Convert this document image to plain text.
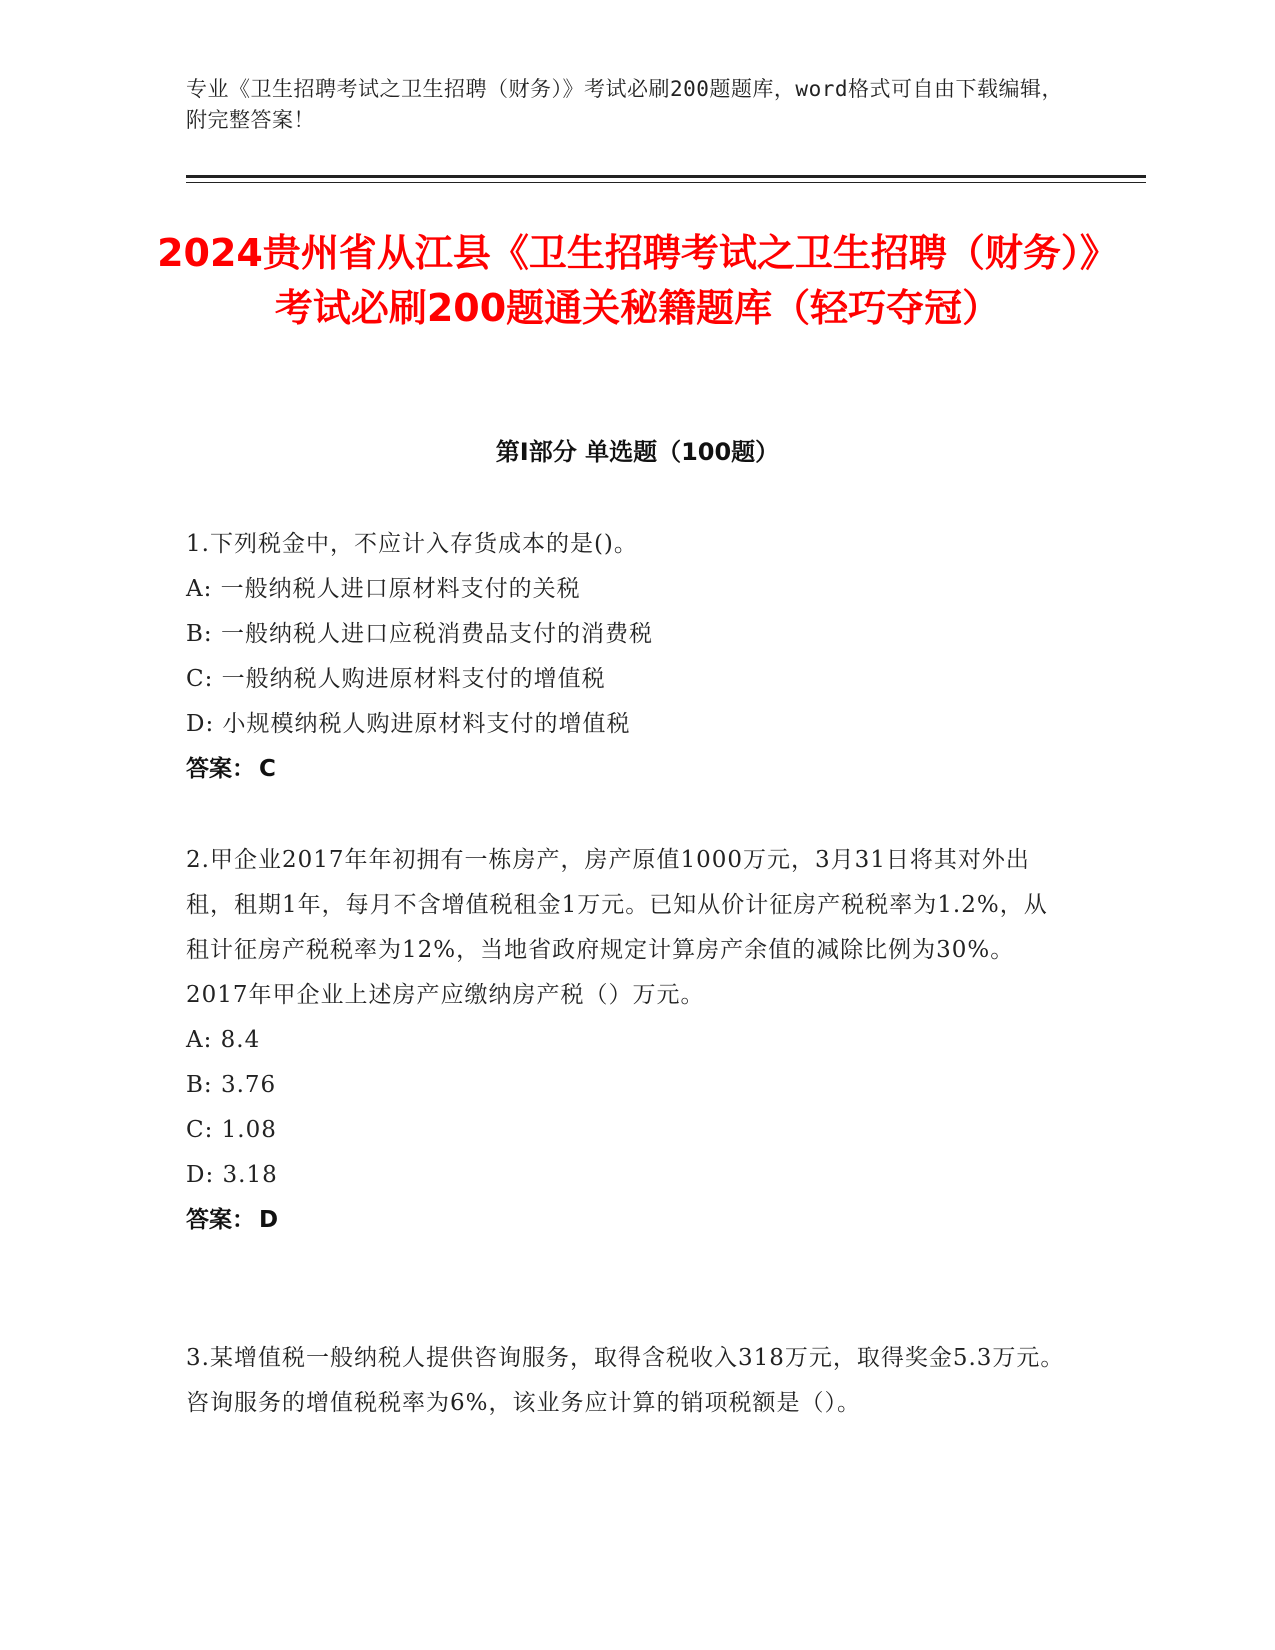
专业《卫生招聘考试之卫生招聘（财务）》考试必刷200题题库，word格式可自由下载编辑，附完整答案！
2024贵州省从江县《卫生招聘考试之卫生招聘（财务）》考试必刷200题通关秘籍题库（轻巧夺冠）
第I部分 单选题（100题）
1.下列税金中，不应计入存货成本的是()。
A: 一般纳税人进口原材料支付的关税
B: 一般纳税人进口应税消费品支付的消费税
C: 一般纳税人购进原材料支付的增值税
D: 小规模纳税人购进原材料支付的增值税
答案： C
2.甲企业2017年年初拥有一栋房产，房产原值1000万元，3月31日将其对外出租，租期1年，每月不含增值税租金1万元。已知从价计征房产税税率为1.2%，从租计征房产税税率为12%，当地省政府规定计算房产余值的减除比例为30%。2017年甲企业上述房产应缴纳房产税（）万元。
A: 8.4
B: 3.76
C: 1.08
D: 3.18
答案： D
3.某增值税一般纳税人提供咨询服务，取得含税收入318万元，取得奖金5.3万元。咨询服务的增值税税率为6%，该业务应计算的销项税额是（）。
